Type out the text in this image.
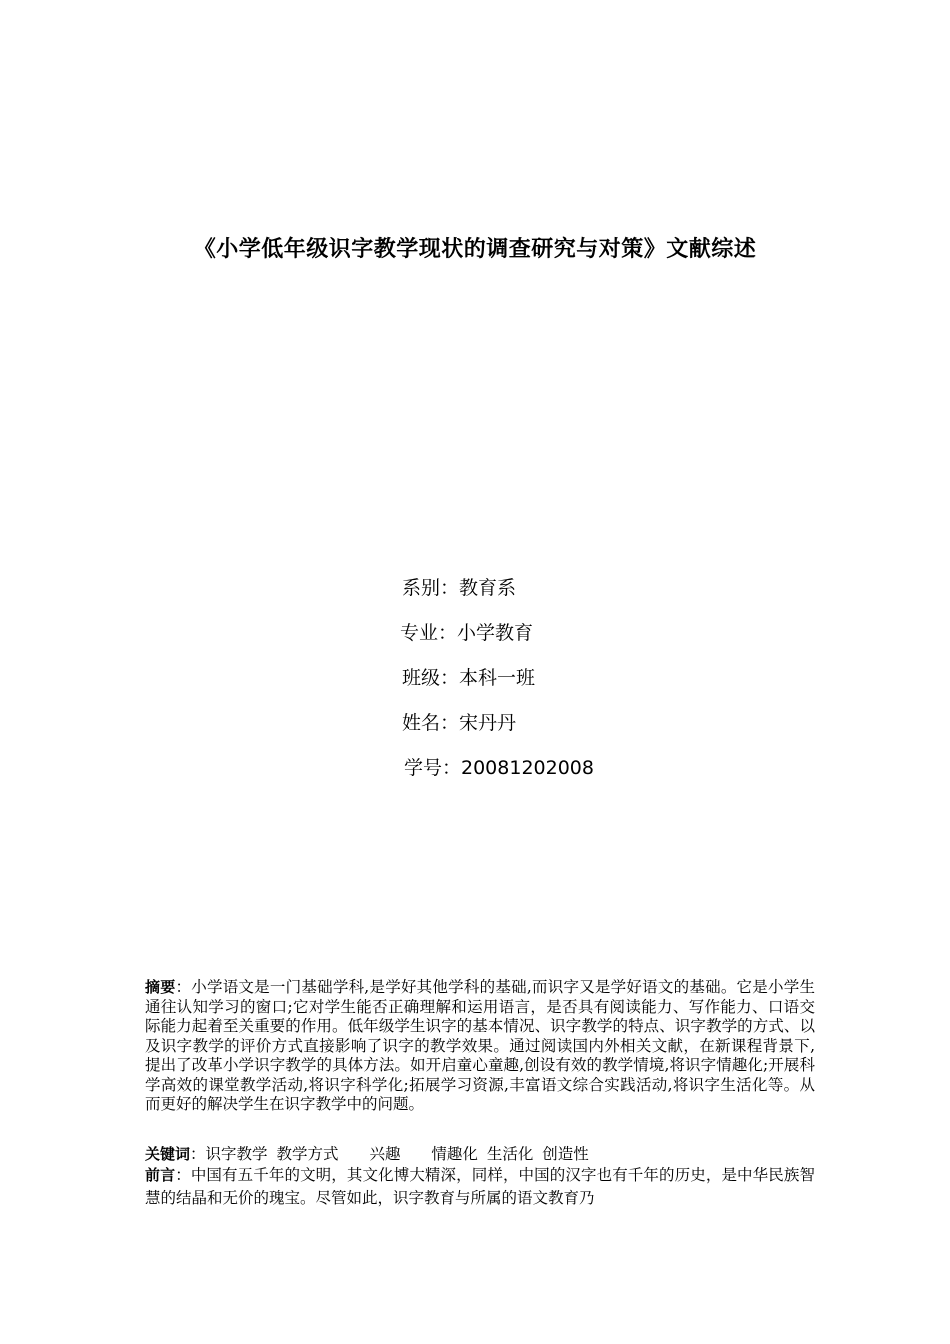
《小学低年级识字教学现状的调查研究与对策》文献综述
系别：教育系
专业：小学教育
班级：本科一班
姓名：宋丹丹
学号：20081202008
摘要：小学语文是一门基础学科,是学好其他学科的基础,而识字又是学好语文的基础。它是小学生通往认知学习的窗口;它对学生能否正确理解和运用语言，是否具有阅读能力、写作能力、口语交际能力起着至关重要的作用。低年级学生识字的基本情况、识字教学的特点、识字教学的方式、以及识字教学的评价方式直接影响了识字的教学效果。通过阅读国内外相关文献，在新课程背景下,提出了改革小学识字教学的具体方法。如开启童心童趣,创设有效的教学情境,将识字情趣化;开展科学高效的课堂教学活动,将识字科学化;拓展学习资源,丰富语文综合实践活动,将识字生活化等。从而更好的解决学生在识字教学中的问题。
关键词：识字教学 教学方式 兴趣 情趣化 生活化 创造性
前言：中国有五千年的文明，其文化博大精深，同样，中国的汉字也有千年的历史，是中华民族智慧的结晶和无价的瑰宝。尽管如此，识字教育与所属的语文教育乃
